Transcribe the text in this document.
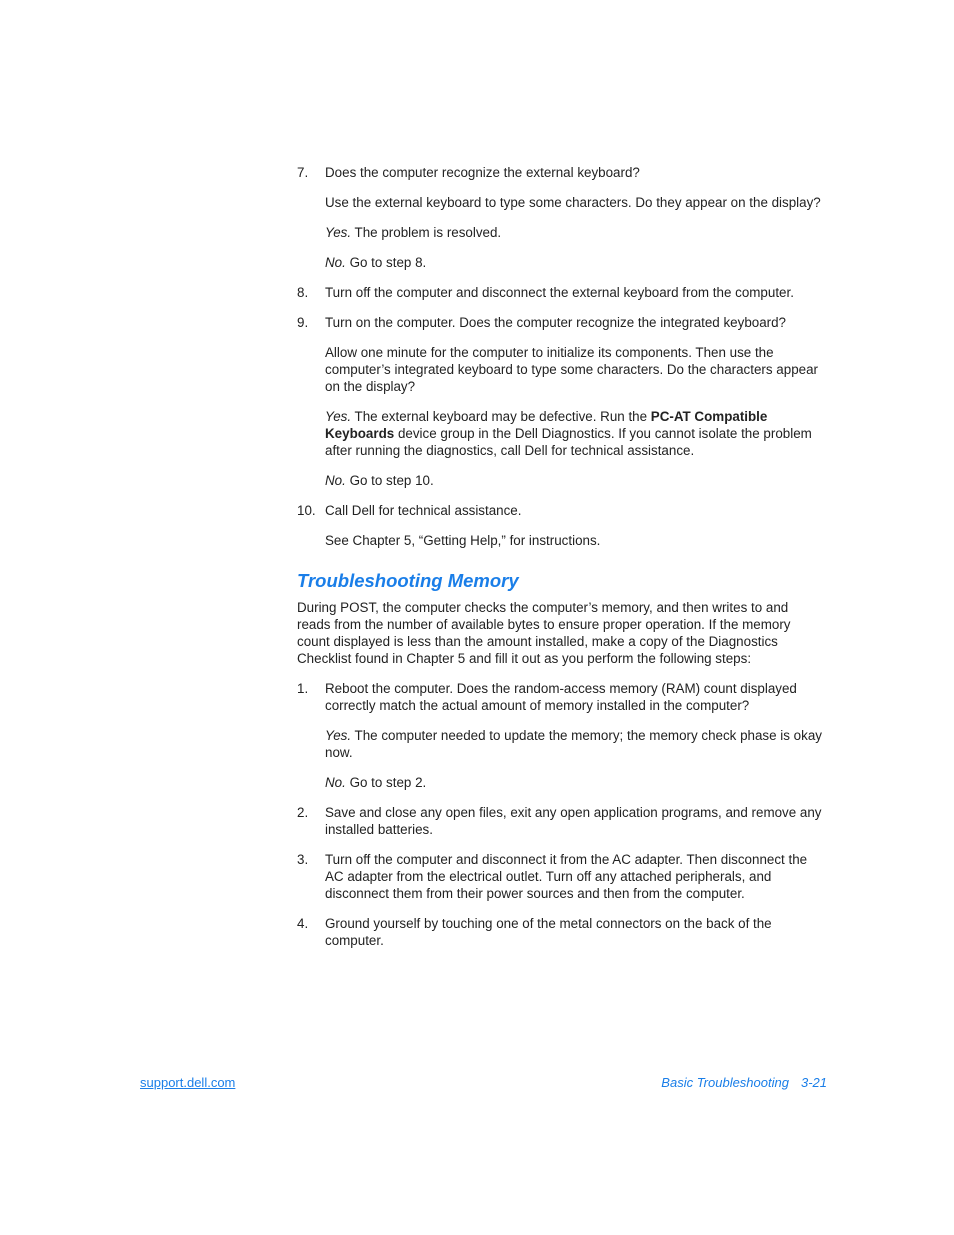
7. Does the computer recognize the external keyboard?
Use the external keyboard to type some characters. Do they appear on the display?
Yes. The problem is resolved.
No. Go to step 8.
8. Turn off the computer and disconnect the external keyboard from the computer.
9. Turn on the computer. Does the computer recognize the integrated keyboard?
Allow one minute for the computer to initialize its components. Then use the computer’s integrated keyboard to type some characters. Do the characters appear on the display?
Yes. The external keyboard may be defective. Run the PC-AT Compatible Keyboards device group in the Dell Diagnostics. If you cannot isolate the problem after running the diagnostics, call Dell for technical assistance.
No. Go to step 10.
10. Call Dell for technical assistance.
See Chapter 5, “Getting Help,” for instructions.
Troubleshooting Memory
During POST, the computer checks the computer’s memory, and then writes to and reads from the number of available bytes to ensure proper operation. If the memory count displayed is less than the amount installed, make a copy of the Diagnostics Checklist found in Chapter 5 and fill it out as you perform the following steps:
1. Reboot the computer. Does the random-access memory (RAM) count displayed correctly match the actual amount of memory installed in the computer?
Yes. The computer needed to update the memory; the memory check phase is okay now.
No. Go to step 2.
2. Save and close any open files, exit any open application programs, and remove any installed batteries.
3. Turn off the computer and disconnect it from the AC adapter. Then disconnect the AC adapter from the electrical outlet. Turn off any attached peripherals, and disconnect them from their power sources and then from the computer.
4. Ground yourself by touching one of the metal connectors on the back of the computer.
support.dell.com	Basic Troubleshooting 3-21
